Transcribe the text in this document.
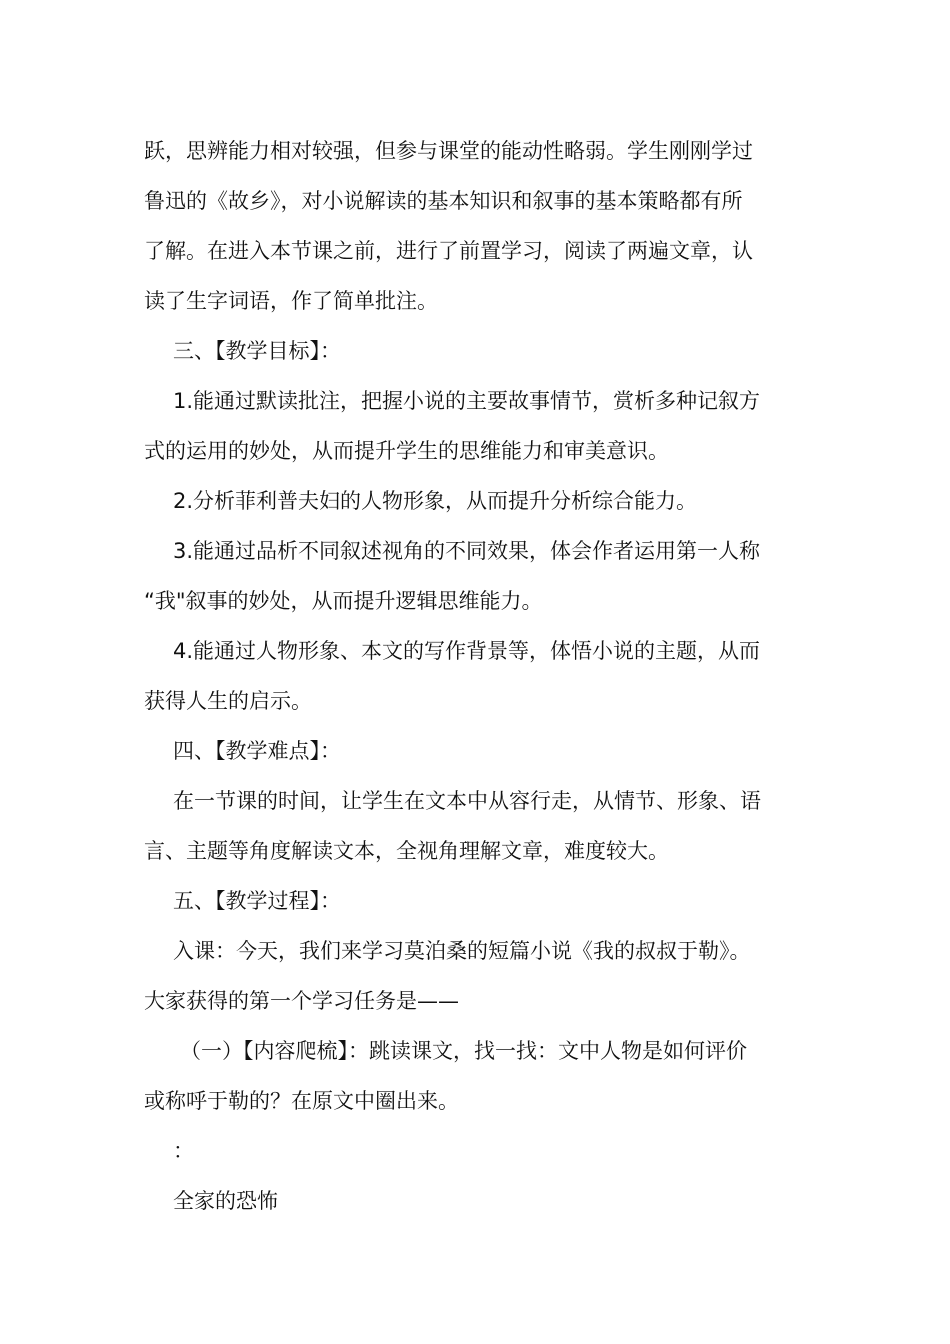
跃，思辨能力相对较强，但参与课堂的能动性略弱。学生刚刚学过
鲁迅的《故乡》，对小说解读的基本知识和叙事的基本策略都有所
了解。在进入本节课之前，进行了前置学习，阅读了两遍文章，认
读了生字词语，作了简单批注。
三、【教学目标】：
1.能通过默读批注，把握小说的主要故事情节，赏析多种记叙方
式的运用的妙处，从而提升学生的思维能力和审美意识。
2.分析菲利普夫妇的人物形象，从而提升分析综合能力。
3.能通过品析不同叙述视角的不同效果，体会作者运用第一人称
“我"叙事的妙处，从而提升逻辑思维能力。
4.能通过人物形象、本文的写作背景等，体悟小说的主题，从而
获得人生的启示。
四、【教学难点】：
在一节课的时间，让学生在文本中从容行走，从情节、形象、语
言、主题等角度解读文本，全视角理解文章，难度较大。
五、【教学过程】：
入课：今天，我们来学习莫泊桑的短篇小说《我的叔叔于勒》。
大家获得的第一个学习任务是——
（一）【内容爬梳】：跳读课文，找一找：文中人物是如何评价
或称呼于勒的？在原文中圈出来。
：
全家的恐怖
